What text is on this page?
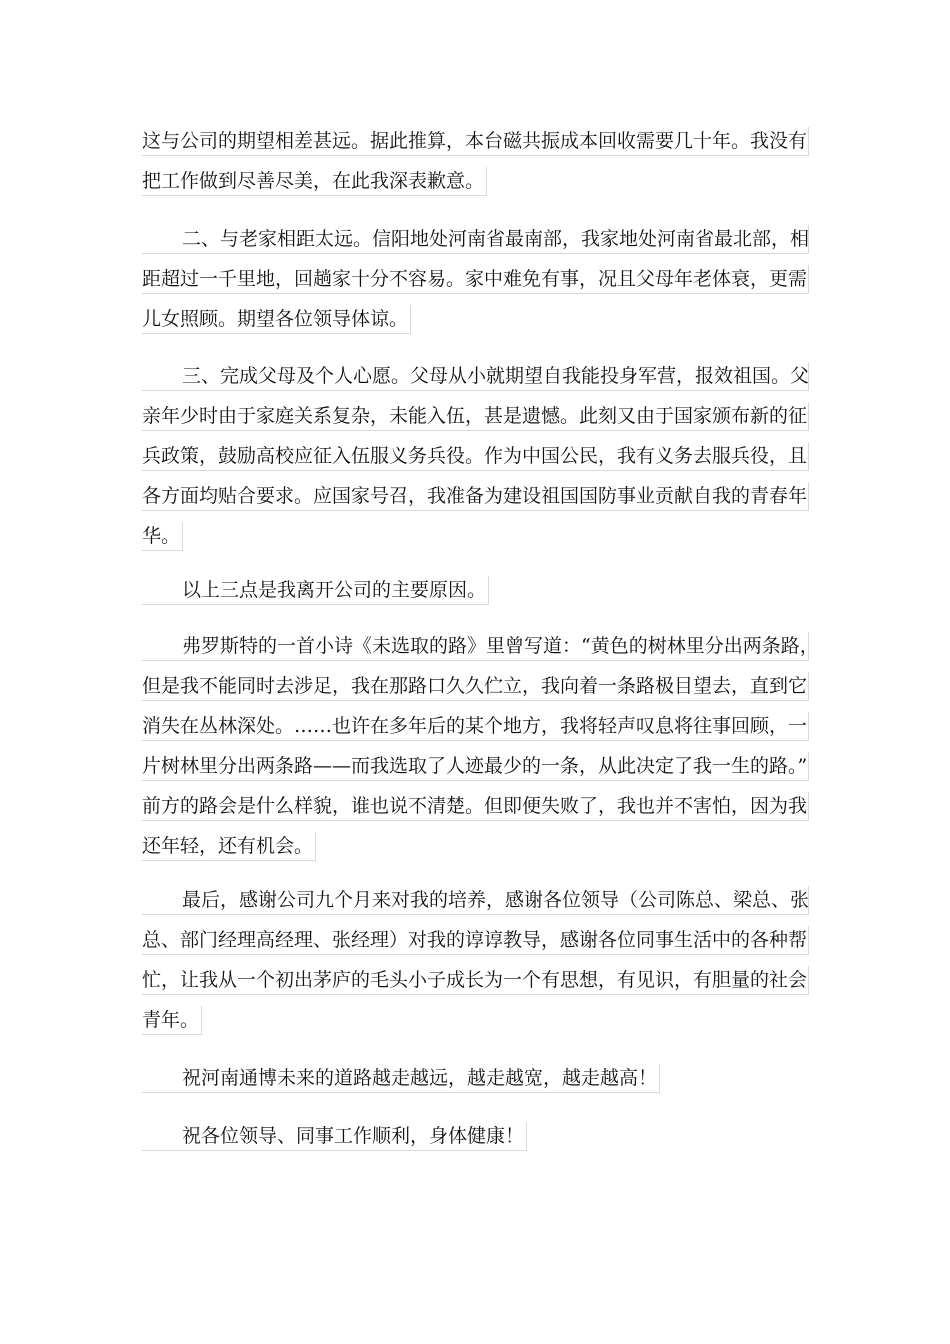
这与公司的期望相差甚远。据此推算，本台磁共振成本回收需要几十年。我没有
把工作做到尽善尽美，在此我深表歉意。
二、与老家相距太远。信阳地处河南省最南部，我家地处河南省最北部，相
距超过一千里地，回趟家十分不容易。家中难免有事，况且父母年老体衰，更需
儿女照顾。期望各位领导体谅。
三、完成父母及个人心愿。父母从小就期望自我能投身军营，报效祖国。父
亲年少时由于家庭关系复杂，未能入伍，甚是遗憾。此刻又由于国家颁布新的征
兵政策，鼓励高校应征入伍服义务兵役。作为中国公民，我有义务去服兵役，且
各方面均贴合要求。应国家号召，我准备为建设祖国国防事业贡献自我的青春年
华。
以上三点是我离开公司的主要原因。
弗罗斯特的一首小诗《未选取的路》里曾写道：“黄色的树林里分出两条路，
但是我不能同时去涉足，我在那路口久久伫立，我向着一条路极目望去，直到它
消失在丛林深处。……也许在多年后的某个地方，我将轻声叹息将往事回顾，一
片树林里分出两条路——而我选取了人迹最少的一条，从此决定了我一生的路。”
前方的路会是什么样貌，谁也说不清楚。但即便失败了，我也并不害怕，因为我
还年轻，还有机会。
最后，感谢公司九个月来对我的培养，感谢各位领导（公司陈总、梁总、张
总、部门经理高经理、张经理）对我的谆谆教导，感谢各位同事生活中的各种帮
忙，让我从一个初出茅庐的毛头小子成长为一个有思想，有见识，有胆量的社会
青年。
祝河南通博未来的道路越走越远，越走越宽，越走越高！
祝各位领导、同事工作顺利，身体健康！
